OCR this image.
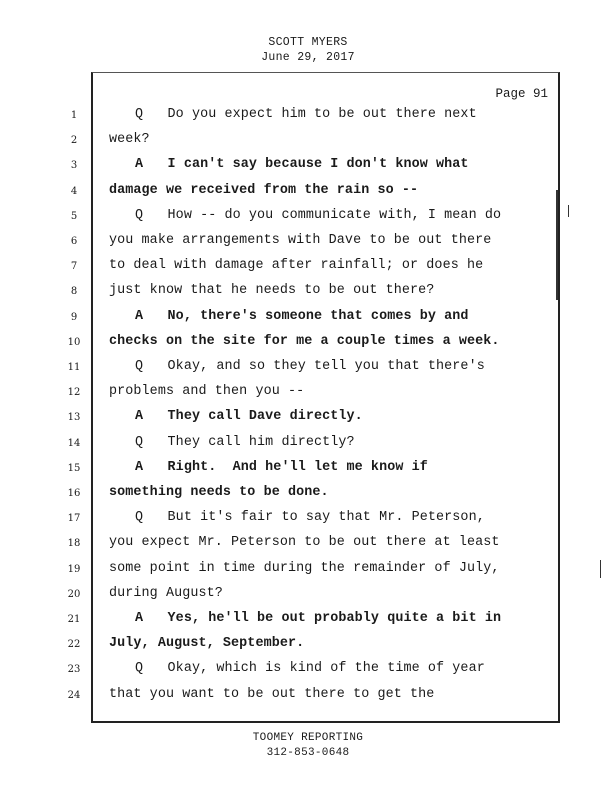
SCOTT MYERS
June 29, 2017
Page 91
1	Q   Do you expect him to be out there next
2	week?
3	A   I can't say because I don't know what
4	damage we received from the rain so --
5	Q   How -- do you communicate with, I mean do
6	you make arrangements with Dave to be out there
7	to deal with damage after rainfall; or does he
8	just know that he needs to be out there?
9	A   No, there's someone that comes by and
10 checks on the site for me a couple times a week.
11	Q   Okay, and so they tell you that there's
12 problems and then you --
13	A   They call Dave directly.
14	Q   They call him directly?
15	A   Right.  And he'll let me know if
16 something needs to be done.
17	Q   But it's fair to say that Mr. Peterson,
18 you expect Mr. Peterson to be out there at least
19 some point in time during the remainder of July,
20 during August?
21	A   Yes, he'll be out probably quite a bit in
22 July, August, September.
23	Q   Okay, which is kind of the time of year
24 that you want to be out there to get the
TOOMEY REPORTING
312-853-0648
